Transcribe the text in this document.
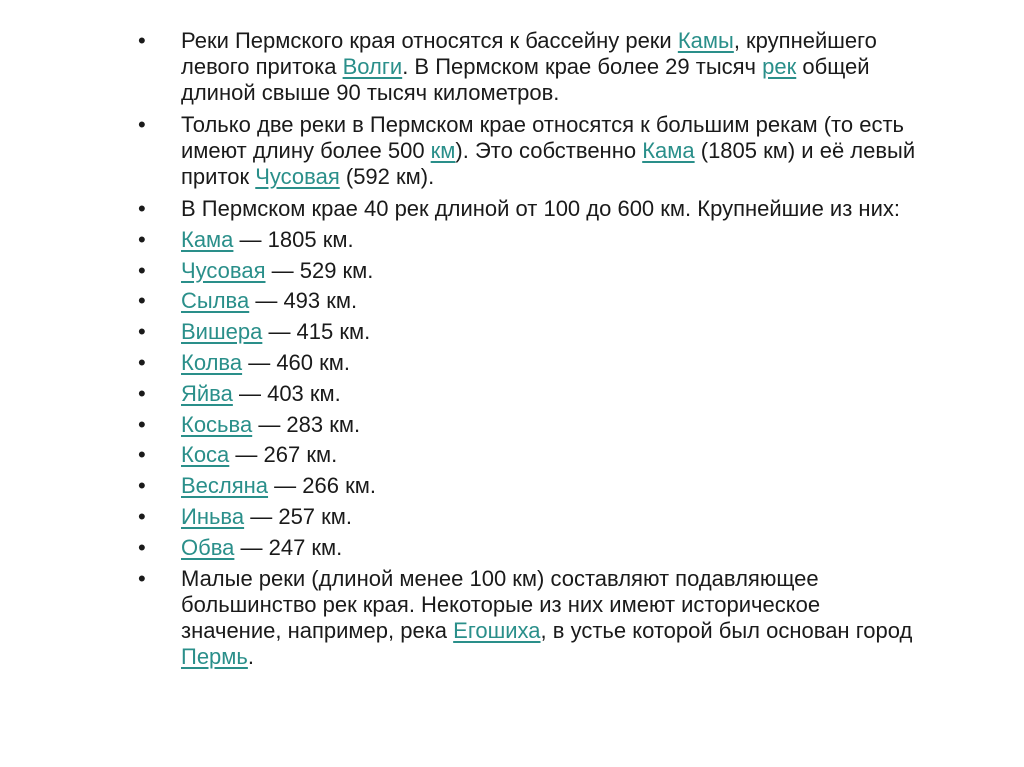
•	Реки Пермского края относятся к бассейну реки Камы, крупнейшего
левого притока Волги. В Пермском крае более 29 тысяч рек общей
длиной свыше 90 тысяч километров.
•	Только две реки в Пермском крае относятся к большим рекам (то есть
имеют длину более 500 км). Это собственно Кама (1805 км) и её левый
приток Чусовая (592 км).
•	В Пермском крае 40 рек длиной от 100 до 600 км. Крупнейшие из них:
•	Кама — 1805 км.
•	Чусовая — 529 км.
•	Сылва — 493 км.
•	Вишера — 415 км.
•	Колва — 460 км.
•	Яйва — 403 км.
•	Косьва — 283 км.
•	Коса — 267 км.
•	Весляна — 266 км.
•	Иньва — 257 км.
•	Обва — 247 км.
•	Малые реки (длиной менее 100 км) составляют подавляющее
большинство рек края. Некоторые из них имеют историческое
значение, например, река Егошиха, в устье которой был основан город
Пермь.
